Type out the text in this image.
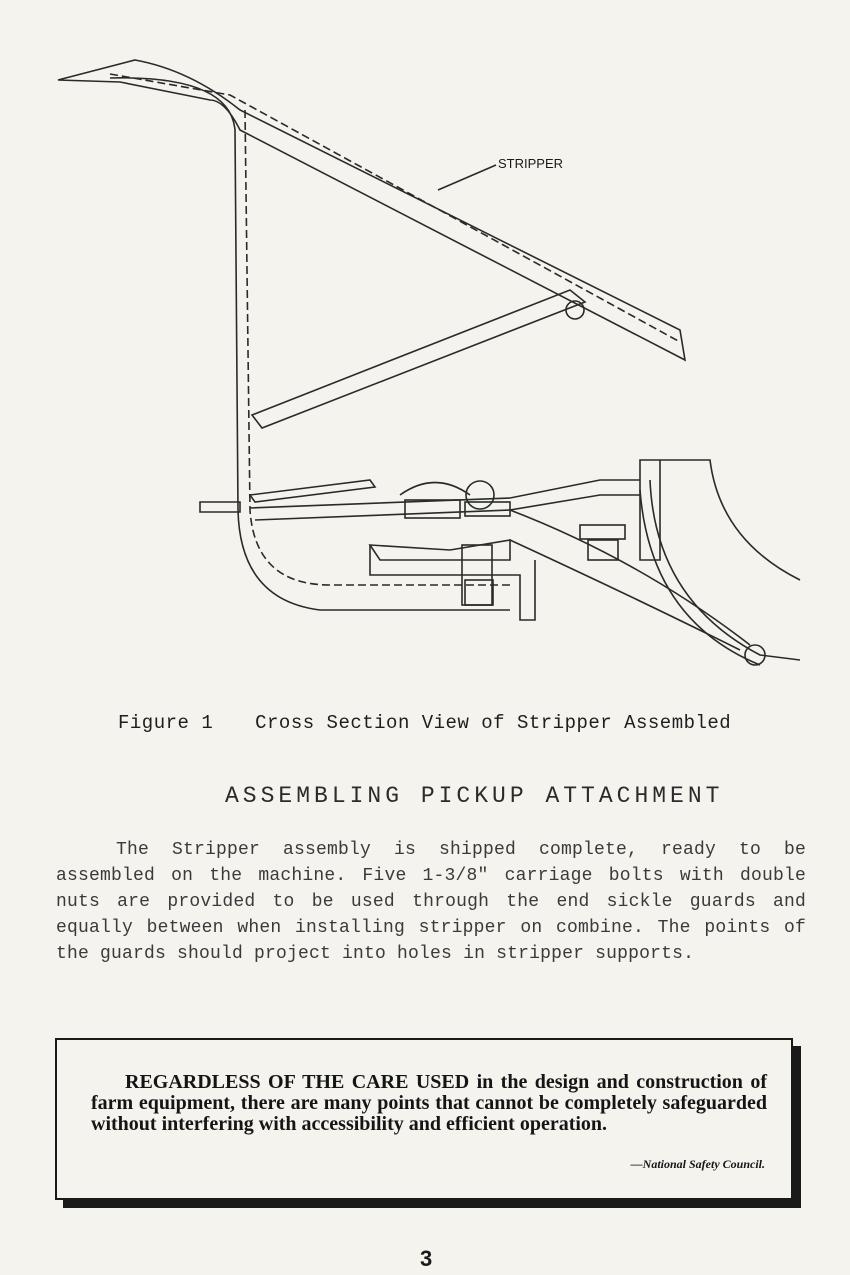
STRIPPER
Figure 1 Cross Section View of Stripper Assembled
ASSEMBLING PICKUP ATTACHMENT

The Stripper assembly is shipped complete, ready to be assembled on the machine. Five 1-3/8" carriage bolts with double nuts are provided to be used through the end sickle guards and equally between when installing stripper on combine. The points of the guards should project into holes in stripper supports.

REGARDLESS OF THE CARE USED in the design and construction of farm equipment, there are many points that cannot be completely safeguarded without interfering with accessibility and efficient operation.
—National Safety Council.
3
